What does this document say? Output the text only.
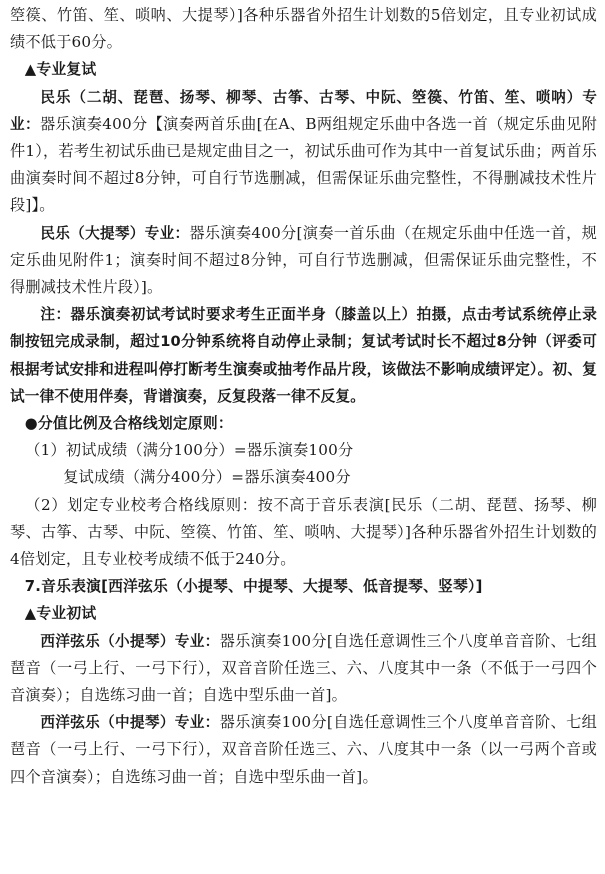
箜篌、竹笛、笙、唢呐、大提琴）]各种乐器省外招生计划数的5倍划定，且专业初试成绩不低于60分。

▲专业复试

民乐（二胡、琵琶、扬琴、柳琴、古筝、古琴、中阮、箜篌、竹笛、笙、唢呐）专业：器乐演奏400分【演奏两首乐曲[在A、B两组规定乐曲中各选一首（规定乐曲见附件1），若考生初试乐曲已是规定曲目之一，初试乐曲可作为其中一首复试乐曲；两首乐曲演奏时间不超过8分钟，可自行节选删减，但需保证乐曲完整性，不得删减技术性片段]】。

民乐（大提琴）专业：器乐演奏400分[演奏一首乐曲（在规定乐曲中任选一首，规定乐曲见附件1；演奏时间不超过8分钟，可自行节选删减，但需保证乐曲完整性，不得删减技术性片段）]。

注：器乐演奏初试考试时要求考生正面半身（膝盖以上）拍摄，点击考试系统停止录制按钮完成录制，超过10分钟系统将自动停止录制；复试考试时长不超过8分钟（评委可根据考试安排和进程叫停打断考生演奏或抽考作品片段，该做法不影响成绩评定）。初、复试一律不使用伴奏，背谱演奏，反复段落一律不反复。

●分值比例及合格线划定原则：

（1）初试成绩（满分100分）=器乐演奏100分

复试成绩（满分400分）=器乐演奏400分

（2）划定专业校考合格线原则：按不高于音乐表演[民乐（二胡、琵琶、扬琴、柳琴、古筝、古琴、中阮、箜篌、竹笛、笙、唢呐、大提琴）]各种乐器省外招生计划数的4倍划定，且专业校考成绩不低于240分。

7.音乐表演[西洋弦乐（小提琴、中提琴、大提琴、低音提琴、竖琴）]

▲专业初试

西洋弦乐（小提琴）专业：器乐演奏100分[自选任意调性三个八度单音音阶、七组琶音（一弓上行、一弓下行），双音音阶任选三、六、八度其中一条（不低于一弓四个音演奏）；自选练习曲一首；自选中型乐曲一首]。

西洋弦乐（中提琴）专业：器乐演奏100分[自选任意调性三个八度单音音阶、七组琶音（一弓上行、一弓下行），双音音阶任选三、六、八度其中一条（以一弓两个音或四个音演奏）；自选练习曲一首；自选中型乐曲一首]。
